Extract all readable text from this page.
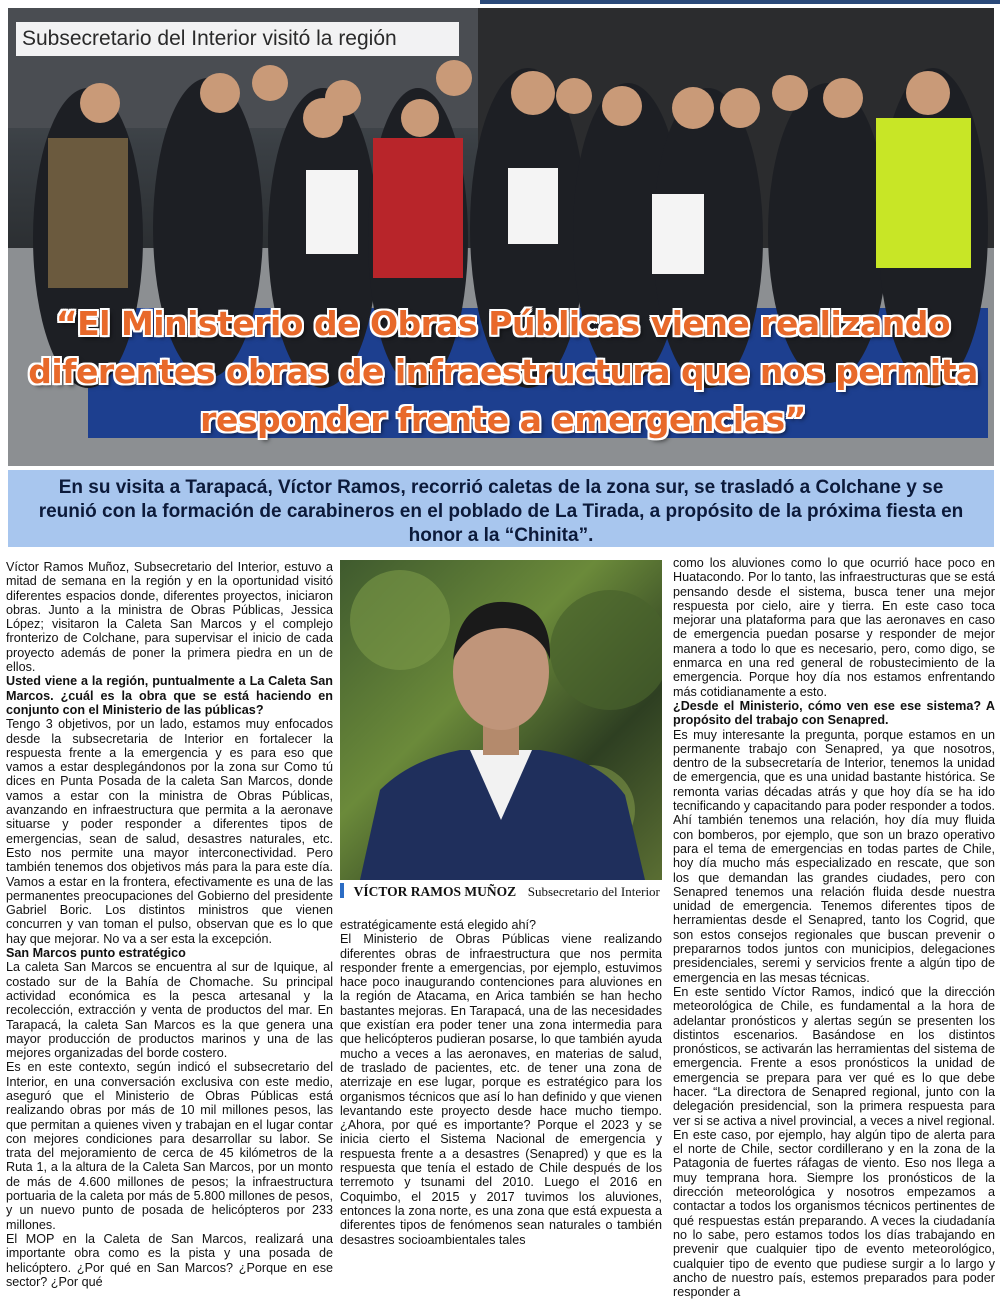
Subsecretario del Interior visitó la región
“El Ministerio de Obras Públicas viene realizando diferentes obras de infraestructura que nos permita responder frente a emergencias”
En su visita a Tarapacá, Víctor Ramos, recorrió caletas de la zona sur, se trasladó a Colchane y se reunió con la formación de carabineros en el poblado de La Tirada, a propósito de la próxima fiesta en honor a la “Chinita”.

Víctor Ramos Muñoz, Subsecretario del Interior, estuvo a mitad de semana en la región y en la oportunidad visitó diferentes espacios donde, diferentes proyectos, iniciaron obras. Junto a la ministra de Obras Públicas, Jessica López; visitaron la Caleta San Marcos y el complejo fronterizo de Colchane, para supervisar el inicio de cada proyecto además de poner la primera piedra en un de ellos.

Usted viene a la región, puntualmente a La Caleta San Marcos. ¿cuál es la obra que se está haciendo en conjunto con el Ministerio de las públicas?

Tengo 3 objetivos, por un lado, estamos muy enfocados desde la subsecretaria de Interior en fortalecer la respuesta frente a la emergencia y es para eso que vamos a estar desplegándonos por la zona sur Como tú dices en Punta Posada de la caleta San Marcos, donde vamos a estar con la ministra de Obras Públicas, avanzando en infraestructura que permita a la aeronave situarse y poder responder a diferentes tipos de emergencias, sean de salud, desastres naturales, etc. Esto nos permite una mayor interconectividad. Pero también tenemos dos objetivos más para la para este día. Vamos a estar en la frontera, efectivamente es una de las permanentes preocupaciones del Gobierno del presidente Gabriel Boric. Los distintos ministros que vienen concurren y van toman el pulso, observan que es lo que hay que mejorar. No va a ser esta la excepción.

San Marcos punto estratégico

La caleta San Marcos se encuentra al sur de Iquique, al costado sur de la Bahía de Chomache. Su principal actividad económica es la pesca artesanal y la recolección, extracción y venta de productos del mar. En Tarapacá, la caleta San Marcos es la que genera una mayor producción de productos marinos y una de las mejores organizadas del borde costero.

Es en este contexto, según indicó el subsecretario del Interior, en una conversación exclusiva con este medio, aseguró que el Ministerio de Obras Públicas está realizando obras por más de 10 mil millones pesos, las que permitan a quienes viven y trabajan en el lugar contar con mejores condiciones para desarrollar su labor. Se trata del mejoramiento de cerca de 45 kilómetros de la Ruta 1, a la altura de la Caleta San Marcos, por un monto de más de 4.600 millones de pesos; la infraestructura portuaria de la caleta por más de 5.800 millones de pesos, y un nuevo punto de posada de helicópteros por 233 millones.

El MOP en la Caleta de San Marcos, realizará una importante obra como es la pista y una posada de helicóptero. ¿Por qué en San Marcos? ¿Porque en ese sector? ¿Por qué

VÍCTOR RAMOS MUÑOZ Subsecretario del Interior

estratégicamente está elegido ahí?

El Ministerio de Obras Públicas viene realizando diferentes obras de infraestructura que nos permita responder frente a emergencias, por ejemplo, estuvimos hace poco inaugurando contenciones para aluviones en la región de Atacama, en Arica también se han hecho bastantes mejoras. En Tarapacá, una de las necesidades que existían era poder tener una zona intermedia para que helicópteros pudieran posarse, lo que también ayuda mucho a veces a las aeronaves, en materias de salud, de traslado de pacientes, etc. de tener una zona de aterrizaje en ese lugar, porque es estratégico para los organismos técnicos que así lo han definido y que vienen levantando este proyecto desde hace mucho tiempo. ¿Ahora, por qué es importante? Porque el 2023 y se inicia cierto el Sistema Nacional de emergencia y respuesta frente a a desastres (Senapred) y que es la respuesta que tenía el estado de Chile después de los terremoto y tsunami del 2010. Luego el 2016 en Coquimbo, el 2015 y 2017 tuvimos los aluviones, entonces la zona norte, es una zona que está expuesta a diferentes tipos de fenómenos sean naturales o también desastres socioambientales tales

como los aluviones como lo que ocurrió hace poco en Huatacondo. Por lo tanto, las infraestructuras que se está pensando desde el sistema, busca tener una mejor respuesta por cielo, aire y tierra. En este caso toca mejorar una plataforma para que las aeronaves en caso de emergencia puedan posarse y responder de mejor manera a todo lo que es necesario, pero, como digo, se enmarca en una red general de robustecimiento de la emergencia. Porque hoy día nos estamos enfrentando más cotidianamente a esto.

¿Desde el Ministerio, cómo ven ese ese sistema? A propósito del trabajo con Senapred.

Es muy interesante la pregunta, porque estamos en un permanente trabajo con Senapred, ya que nosotros, dentro de la subsecretaría de Interior, tenemos la unidad de emergencia, que es una unidad bastante histórica. Se remonta varias décadas atrás y que hoy día se ha ido tecnificando y capacitando para poder responder a todos. Ahí también tenemos una relación, hoy día muy fluida con bomberos, por ejemplo, que son un brazo operativo para el tema de emergencias en todas partes de Chile, hoy día mucho más especializado en rescate, que son los que demandan las grandes ciudades, pero con Senapred tenemos una relación fluida desde nuestra unidad de emergencia. Tenemos diferentes tipos de herramientas desde el Senapred, tanto los Cogrid, que son estos consejos regionales que buscan prevenir o prepararnos todos juntos con municipios, delegaciones presidenciales, seremi y servicios frente a algún tipo de emergencia en las mesas técnicas.

En este sentido Víctor Ramos, indicó que la dirección meteorológica de Chile, es fundamental a la hora de adelantar pronósticos y alertas según se presenten los distintos escenarios. Basándose en los distintos pronósticos, se activarán las herramientas del sistema de emergencia. Frente a esos pronósticos la unidad de emergencia se prepara para ver qué es lo que debe hacer. “La directora de Senapred regional, junto con la delegación presidencial, son la primera respuesta para ver si se activa a nivel provincial, a veces a nivel regional. En este caso, por ejemplo, hay algún tipo de alerta para el norte de Chile, sector cordillerano y en la zona de la Patagonia de fuertes ráfagas de viento. Eso nos llega a muy temprana hora. Siempre los pronósticos de la dirección meteorológica y nosotros empezamos a contactar a todos los organismos técnicos pertinentes de qué respuestas están preparando. A veces la ciudadanía no lo sabe, pero estamos todos los días trabajando en prevenir que cualquier tipo de evento meteorológico, cualquier tipo de evento que pudiese surgir a lo largo y ancho de nuestro país, estemos preparados para poder responder a
